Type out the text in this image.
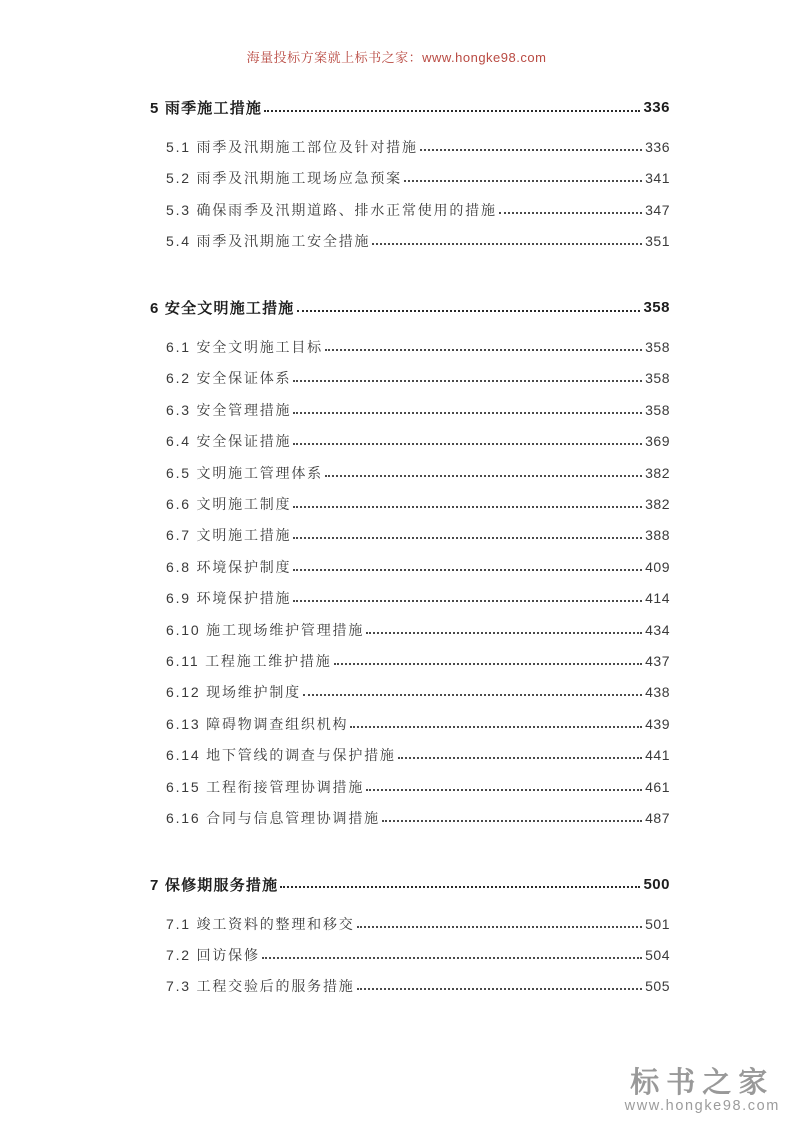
海量投标方案就上标书之家：www.hongke98.com
5 雨季施工措施	336
5.1 雨季及汛期施工部位及针对措施	336
5.2 雨季及汛期施工现场应急预案	341
5.3 确保雨季及汛期道路、排水正常使用的措施	347
5.4 雨季及汛期施工安全措施	351
6 安全文明施工措施	358
6.1 安全文明施工目标	358
6.2 安全保证体系	358
6.3 安全管理措施	358
6.4 安全保证措施	369
6.5 文明施工管理体系	382
6.6 文明施工制度	382
6.7 文明施工措施	388
6.8 环境保护制度	409
6.9 环境保护措施	414
6.10 施工现场维护管理措施	434
6.11 工程施工维护措施	437
6.12 现场维护制度	438
6.13 障碍物调查组织机构	439
6.14 地下管线的调查与保护措施	441
6.15 工程衔接管理协调措施	461
6.16 合同与信息管理协调措施	487
7 保修期服务措施	500
7.1 竣工资料的整理和移交	501
7.2 回访保修	504
7.3 工程交验后的服务措施	505
标书之家
www.hongke98.com
